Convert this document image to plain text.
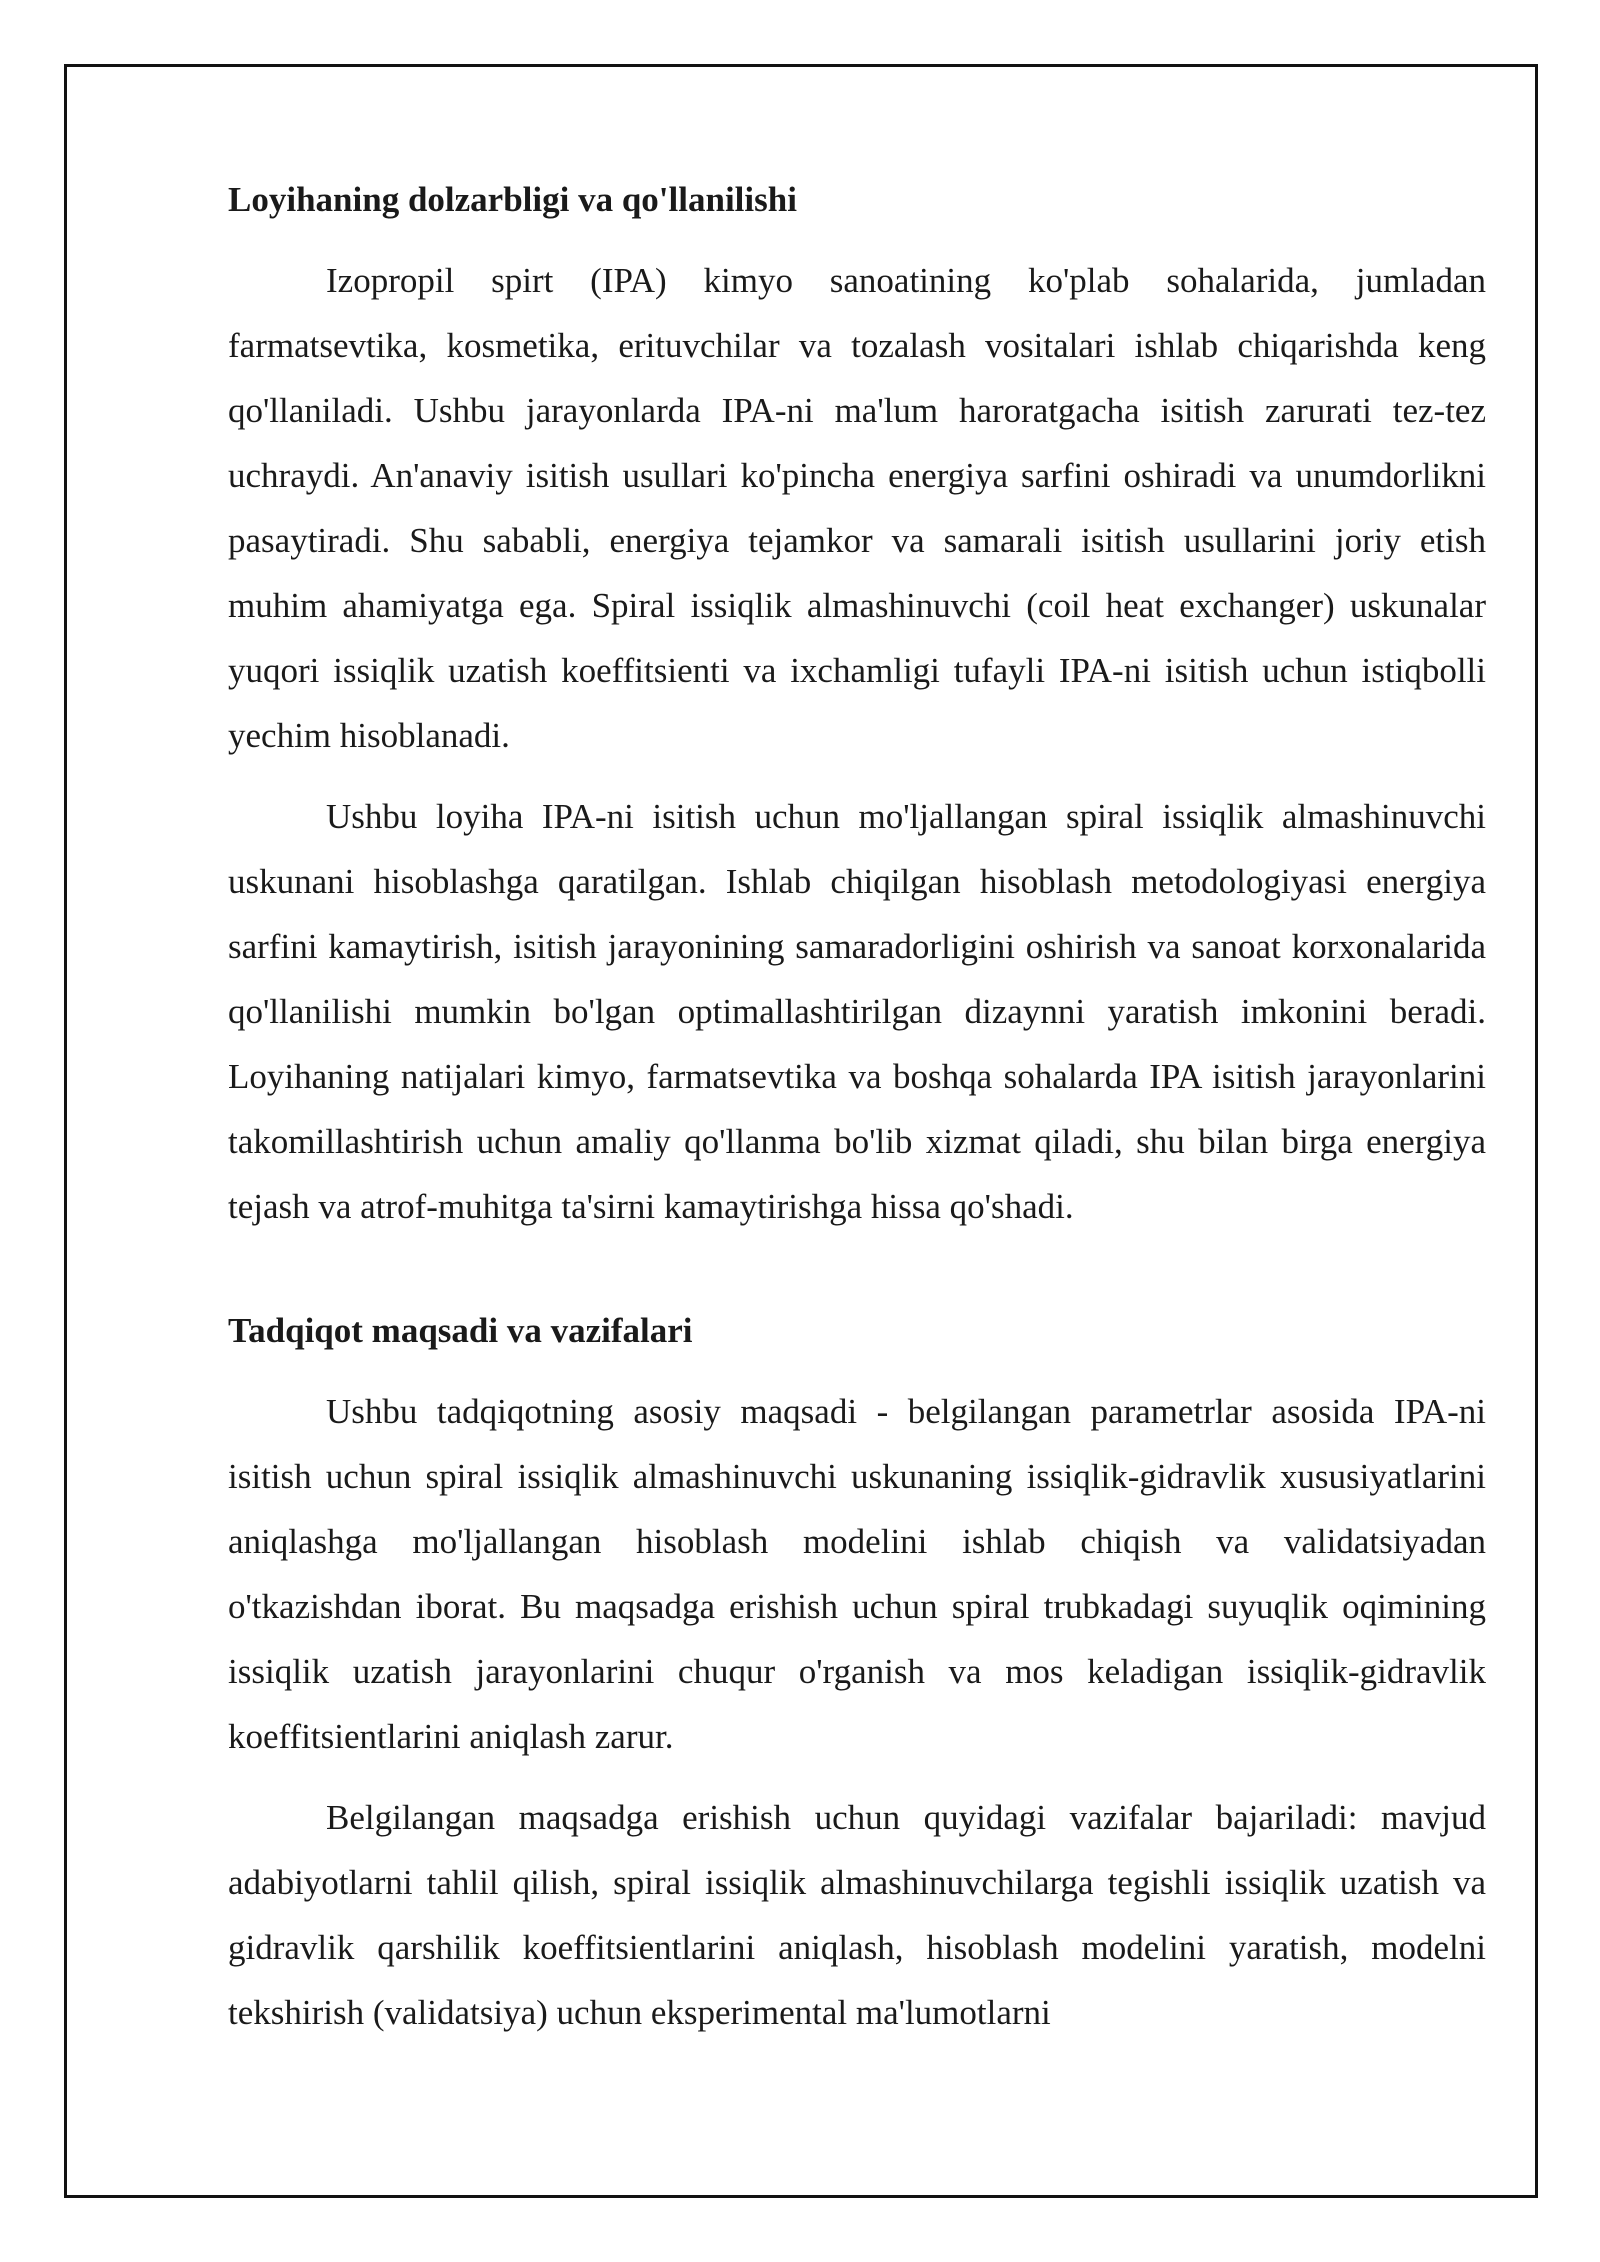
Loyihaning dolzarbligi va qo'llanilishi

Izopropil spirt (IPA) kimyo sanoatining ko'plab sohalarida, jumladan farmatsevtika, kosmetika, erituvchilar va tozalash vositalari ishlab chiqarishda keng qo'llaniladi. Ushbu jarayonlarda IPA-ni ma'lum haroratgacha isitish zarurati tez-tez uchraydi. An'anaviy isitish usullari ko'pincha energiya sarfini oshiradi va unumdorlikni pasaytiradi. Shu sababli, energiya tejamkor va samarali isitish usullarini joriy etish muhim ahamiyatga ega. Spiral issiqlik almashinuvchi (coil heat exchanger) uskunalar yuqori issiqlik uzatish koeffitsienti va ixchamligi tufayli IPA-ni isitish uchun istiqbolli yechim hisoblanadi.

Ushbu loyiha IPA-ni isitish uchun mo'ljallangan spiral issiqlik almashinuvchi uskunani hisoblashga qaratilgan. Ishlab chiqilgan hisoblash metodologiyasi energiya sarfini kamaytirish, isitish jarayonining samaradorligini oshirish va sanoat korxonalarida qo'llanilishi mumkin bo'lgan optimallashtirilgan dizaynni yaratish imkonini beradi. Loyihaning natijalari kimyo, farmatsevtika va boshqa sohalarda IPA isitish jarayonlarini takomillashtirish uchun amaliy qo'llanma bo'lib xizmat qiladi, shu bilan birga energiya tejash va atrof-muhitga ta'sirni kamaytirishga hissa qo'shadi.

Tadqiqot maqsadi va vazifalari

Ushbu tadqiqotning asosiy maqsadi - belgilangan parametrlar asosida IPA-ni isitish uchun spiral issiqlik almashinuvchi uskunaning issiqlik-gidravlik xususiyatlarini aniqlashga mo'ljallangan hisoblash modelini ishlab chiqish va validatsiyadan o'tkazishdan iborat. Bu maqsadga erishish uchun spiral trubkadagi suyuqlik oqimining issiqlik uzatish jarayonlarini chuqur o'rganish va mos keladigan issiqlik-gidravlik koeffitsientlarini aniqlash zarur.

Belgilangan maqsadga erishish uchun quyidagi vazifalar bajariladi: mavjud adabiyotlarni tahlil qilish, spiral issiqlik almashinuvchilarga tegishli issiqlik uzatish va gidravlik qarshilik koeffitsientlarini aniqlash, hisoblash modelini yaratish, modelni tekshirish (validatsiya) uchun eksperimental ma'lumotlarni
